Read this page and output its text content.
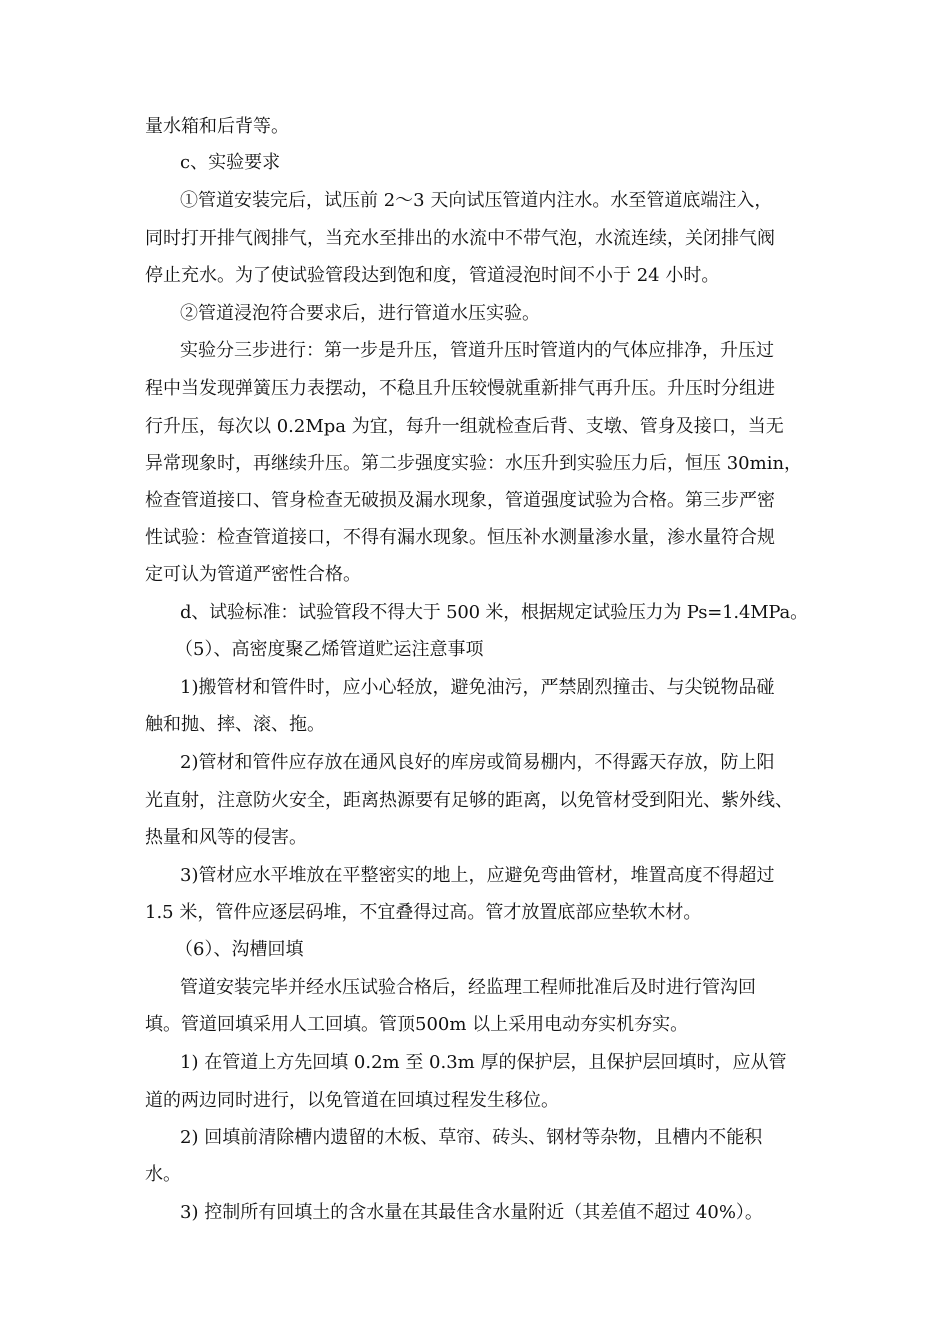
量水箱和后背等。
c、实验要求
①管道安装完后，试压前 2～3 天向试压管道内注水。水至管道底端注入，
同时打开排气阀排气，当充水至排出的水流中不带气泡，水流连续，关闭排气阀
停止充水。为了使试验管段达到饱和度，管道浸泡时间不小于 24 小时。
②管道浸泡符合要求后，进行管道水压实验。
实验分三步进行：第一步是升压，管道升压时管道内的气体应排净，升压过
程中当发现弹簧压力表摆动，不稳且升压较慢就重新排气再升压。升压时分组进
行升压，每次以 0.2Mpa 为宜，每升一组就检查后背、支墩、管身及接口，当无
异常现象时，再继续升压。第二步强度实验：水压升到实验压力后，恒压 30min，
检查管道接口、管身检查无破损及漏水现象，管道强度试验为合格。第三步严密
性试验：检查管道接口，不得有漏水现象。恒压补水测量渗水量，渗水量符合规
定可认为管道严密性合格。
d、试验标准：试验管段不得大于 500 米，根据规定试验压力为 Ps=1.4MPa。
（5）、高密度聚乙烯管道贮运注意事项
1)搬管材和管件时，应小心轻放，避免油污，严禁剧烈撞击、与尖锐物品碰
触和抛、摔、滚、拖。
2)管材和管件应存放在通风良好的库房或简易棚内，不得露天存放，防上阳
光直射，注意防火安全，距离热源要有足够的距离，以免管材受到阳光、紫外线、
热量和风等的侵害。
3)管材应水平堆放在平整密实的地上，应避免弯曲管材，堆置高度不得超过
1.5 米，管件应逐层码堆，不宜叠得过高。管才放置底部应垫软木材。
（6）、沟槽回填
管道安装完毕并经水压试验合格后，经监理工程师批准后及时进行管沟回
填。管道回填采用人工回填。管顶500m 以上采用电动夯实机夯实。
1) 在管道上方先回填 0.2m 至 0.3m 厚的保护层，且保护层回填时，应从管
道的两边同时进行，以免管道在回填过程发生移位。
2) 回填前清除槽内遗留的木板、草帘、砖头、钢材等杂物，且槽内不能积
水。
3) 控制所有回填土的含水量在其最佳含水量附近（其差值不超过 40%）。
